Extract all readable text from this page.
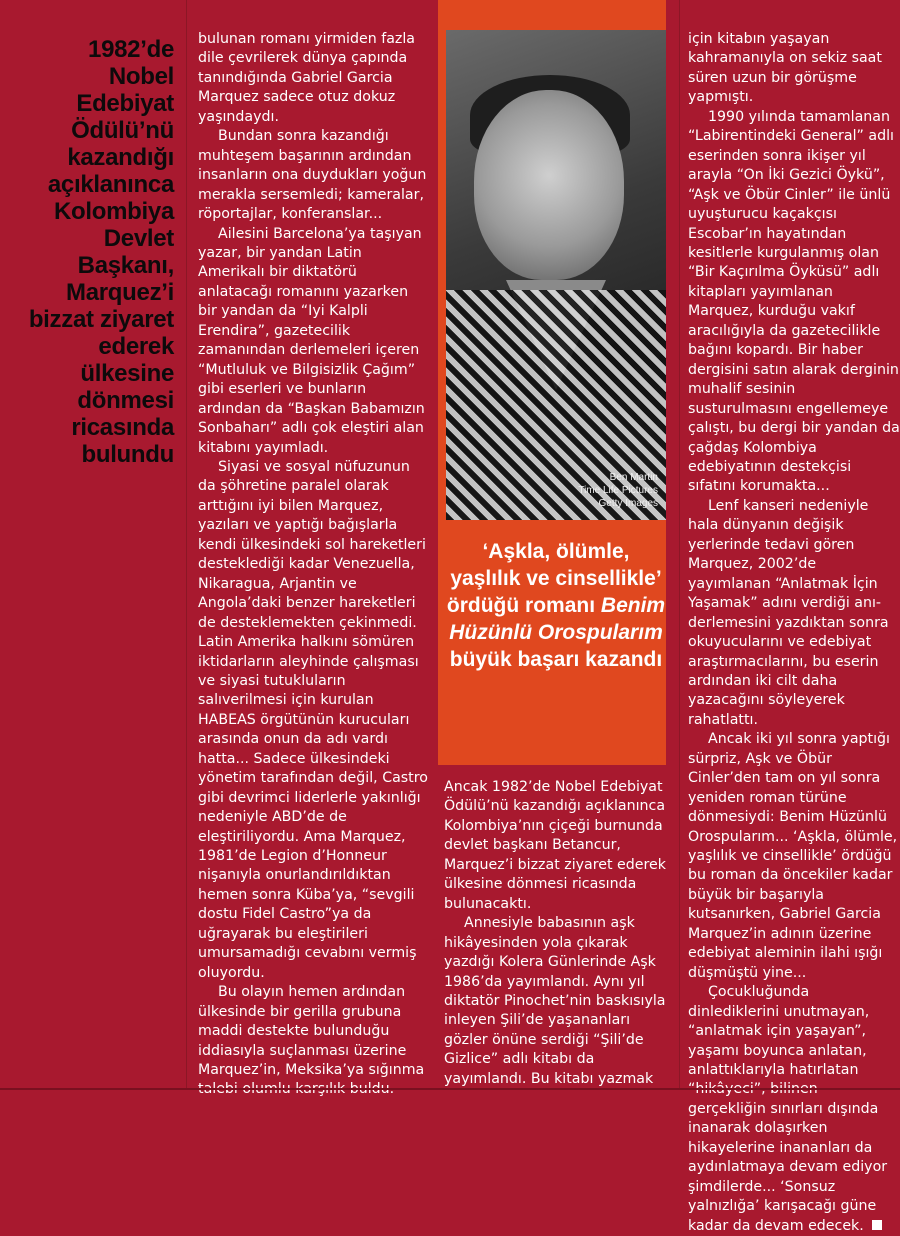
1982’de Nobel Edebiyat Ödülü’nü kazandığı açıklanınca Kolombiya Devlet Başkanı, Marquez’i bizzat ziyaret ederek ülkesine dönmesi ricasında bulundu

bulunan romanı yirmiden fazla dile çevrilerek dünya çapında tanındığında Gabriel Garcia Marquez sadece otuz dokuz yaşındaydı.

Bundan sonra kazandığı muhteşem başarının ardından insanların ona duydukları yoğun merakla sersemledi; kameralar, röportajlar, konferanslar...

Ailesini Barcelona’ya taşıyan yazar, bir yandan Latin Amerikalı bir diktatörü anlatacağı romanını yazarken bir yandan da “Iyi Kalpli Erendira”, gazetecilik zamanından derlemeleri içeren “Mutluluk ve Bilgisizlik Çağım” gibi eserleri ve bunların ardından da “Başkan Babamızın Sonbaharı” adlı çok eleştiri alan kitabını yayımladı.

Siyasi ve sosyal nüfuzunun da şöhretine paralel olarak arttığını iyi bilen Marquez, yazıları ve yaptığı bağışlarla kendi ülkesindeki sol hareketleri desteklediği kadar Venezuella, Nikaragua, Arjantin ve Angola’daki benzer hareketleri de desteklemekten çekinmedi. Latin Amerika halkını sömüren iktidarların aleyhinde çalışması ve siyasi tutukluların salıverilmesi için kurulan HABEAS örgütünün kurucuları arasında onun da adı vardı hatta... Sadece ülkesindeki yönetim tarafından değil, Castro gibi devrimci liderlerle yakınlığı nedeniyle ABD’de de eleştiriliyordu. Ama Marquez, 1981’de Legion d’Honneur nişanıyla onurlandırıldıktan hemen sonra Küba’ya, “sevgili dostu Fidel Castro”ya da uğrayarak bu eleştirileri umursamadığı cevabını vermiş oluyordu.

Bu olayın hemen ardından ülkesinde bir gerilla grubuna maddi destekte bulunduğu iddiasıyla suçlanması üzerine Marquez’in, Meksika’ya sığınma

Ben Martin
Time Life Pictures
Getty Images
‘Aşkla, ölümle, yaşlılık ve cinsellikle’ ördüğü romanı Benim Hüzünlü Orospularım büyük başarı kazandı

Ancak 1982’de Nobel Edebiyat Ödülü’nü kazandığı açıklanınca Kolombiya’nın çiçeği burnunda devlet başkanı Betancur, Marquez’i bizzat ziyaret ederek ülkesine dönmesi ricasında bulunacaktı.

Annesiyle babasının aşk hikâyesinden yola çıkarak yazdığı Kolera Günlerinde Aşk 1986’da yayımlandı. Aynı yıl diktatör Pinochet’nin baskısıyla inleyen Şili’de yaşananları gözler önüne serdiği “Şili’de Gizlice” adlı kitabı da yayımlandı. Bu kitabı yazmak

için kitabın yaşayan kahramanıyla on sekiz saat süren uzun bir görüşme yapmıştı.

1990 yılında tamamlanan “Labirentindeki General” adlı eserinden sonra ikişer yıl arayla “On İki Gezici Öykü”, “Aşk ve Öbür Cinler” ile ünlü uyuşturucu kaçakçısı Escobar’ın hayatından kesitlerle kurgulanmış olan “Bir Kaçırılma Öyküsü” adlı kitapları yayımlanan Marquez, kurduğu vakıf aracılığıyla da gazetecilikle bağını kopardı. Bir haber dergisini satın alarak derginin muhalif sesinin susturulmasını engellemeye çalıştı, bu dergi bir yandan da çağdaş Kolombiya edebiyatının destekçisi sıfatını korumakta...

Lenf kanseri nedeniyle hala dünyanın değişik yerlerinde tedavi gören Marquez, 2002’de yayımlanan “Anlatmak İçin Yaşamak” adını verdiği anı-derlemesini yazdıktan sonra okuyucularını ve edebiyat araştırmacılarını, bu eserin ardından iki cilt daha yazacağını söyleyerek rahatlattı.

Ancak iki yıl sonra yaptığı sürpriz, Aşk ve Öbür Cinler’den tam on yıl sonra yeniden roman türüne dönmesiydi: Benim Hüzünlü Orospularım... ‘Aşkla, ölümle, yaşlılık ve cinsellikle’ ördüğü bu roman da öncekiler kadar büyük bir başarıyla kutsanırken, Gabriel Garcia Marquez’in adının üzerine edebiyat aleminin ilahi ışığı düşmüştü yine...

Çocukluğunda dinlediklerini unutmayan, “anlatmak için yaşayan”, yaşamı boyunca anlatan, anlattıklarıyla hatırlatan gerçekliğin sınırları dışında inanarak dolaşırken hikayelerine inananları da aydınlatmaya devam ediyor şimdilerde... ‘Sonsuz yalnızlığa’ karışacağı güne kadar da devam edecek.
